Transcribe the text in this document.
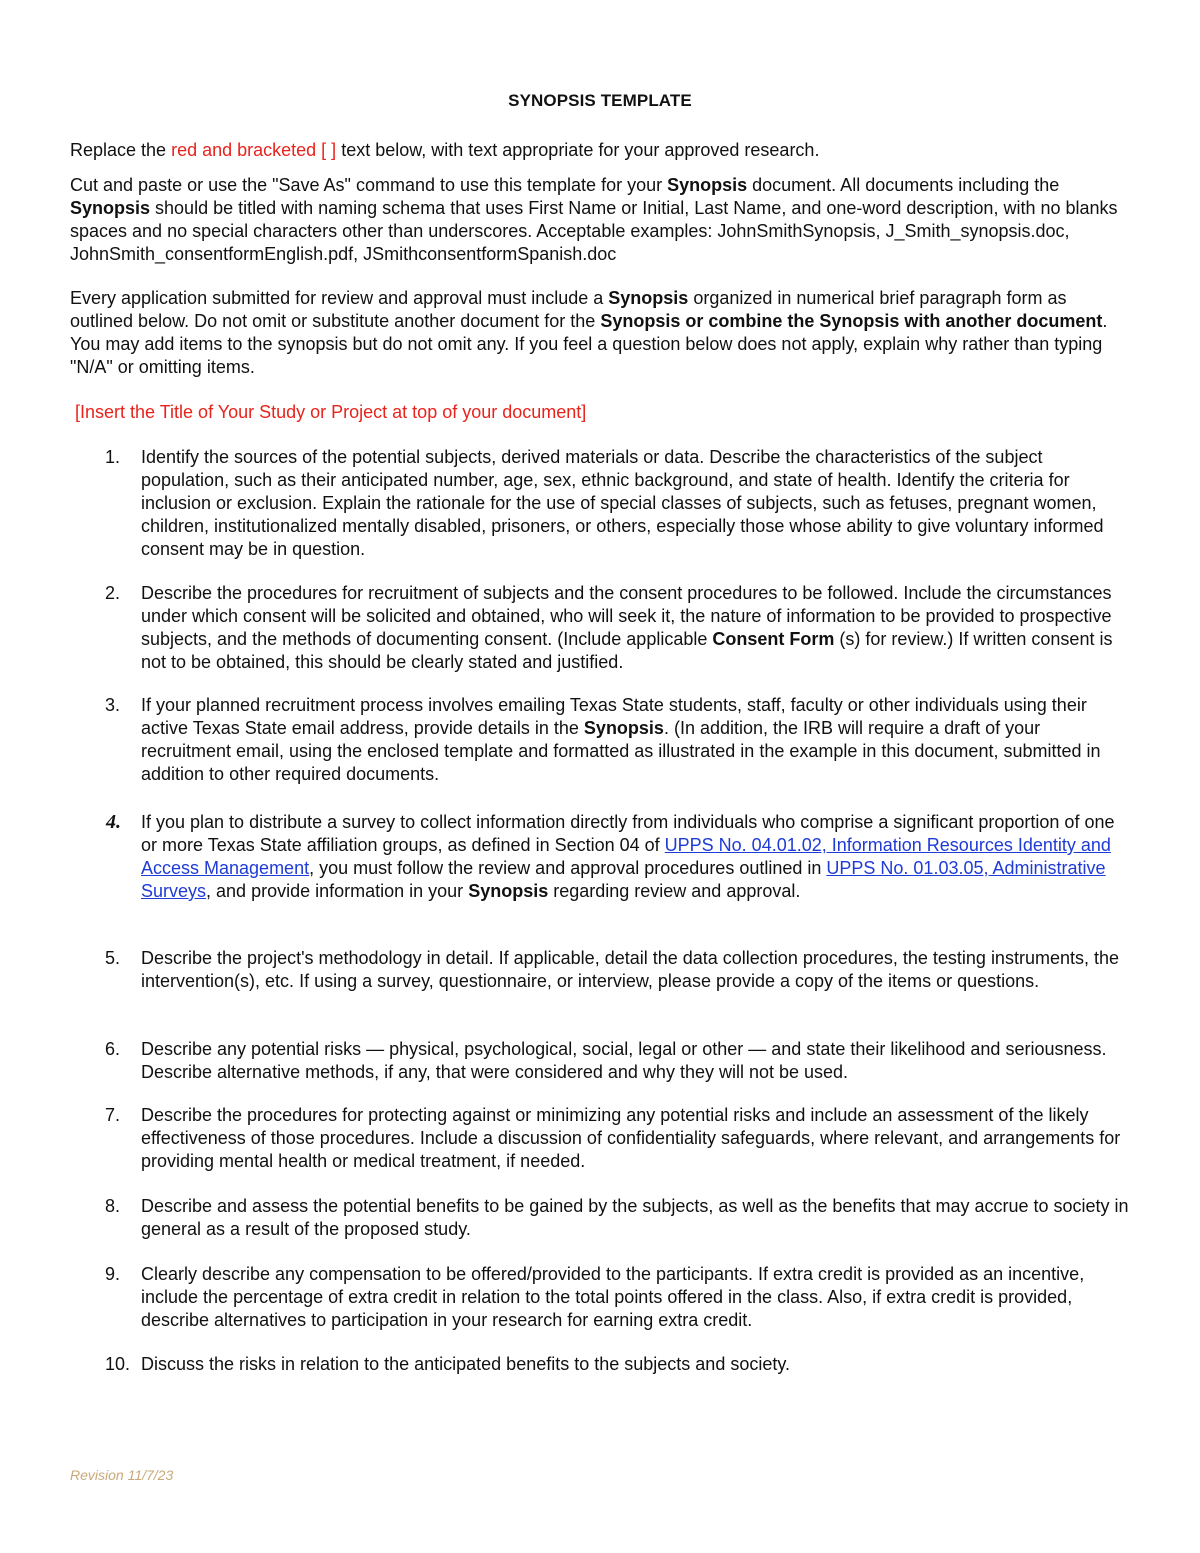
SYNOPSIS TEMPLATE
Replace the red and bracketed [ ] text below, with text appropriate for your approved research.
Cut and paste or use the "Save As" command to use this template for your Synopsis document. All documents including the Synopsis should be titled with naming schema that uses First Name or Initial, Last Name, and one-word description, with no blanks spaces and no special characters other than underscores. Acceptable examples: JohnSmithSynopsis, J_Smith_synopsis.doc, JohnSmith_consentformEnglish.pdf, JSmithconsentformSpanish.doc
Every application submitted for review and approval must include a Synopsis organized in numerical brief paragraph form as outlined below. Do not omit or substitute another document for the Synopsis or combine the Synopsis with another document. You may add items to the synopsis but do not omit any. If you feel a question below does not apply, explain why rather than typing "N/A" or omitting items.
[Insert the Title of Your Study or Project at top of your document]
1. Identify the sources of the potential subjects, derived materials or data. Describe the characteristics of the subject population, such as their anticipated number, age, sex, ethnic background, and state of health. Identify the criteria for inclusion or exclusion. Explain the rationale for the use of special classes of subjects, such as fetuses, pregnant women, children, institutionalized mentally disabled, prisoners, or others, especially those whose ability to give voluntary informed consent may be in question.
2. Describe the procedures for recruitment of subjects and the consent procedures to be followed. Include the circumstances under which consent will be solicited and obtained, who will seek it, the nature of information to be provided to prospective subjects, and the methods of documenting consent. (Include applicable Consent Form (s) for review.) If written consent is not to be obtained, this should be clearly stated and justified.
3. If your planned recruitment process involves emailing Texas State students, staff, faculty or other individuals using their active Texas State email address, provide details in the Synopsis. (In addition, the IRB will require a draft of your recruitment email, using the enclosed template and formatted as illustrated in the example in this document, submitted in addition to other required documents.
4. If you plan to distribute a survey to collect information directly from individuals who comprise a significant proportion of one or more Texas State affiliation groups, as defined in Section 04 of UPPS No. 04.01.02, Information Resources Identity and Access Management, you must follow the review and approval procedures outlined in UPPS No. 01.03.05, Administrative Surveys, and provide information in your Synopsis regarding review and approval.
5. Describe the project's methodology in detail. If applicable, detail the data collection procedures, the testing instruments, the intervention(s), etc. If using a survey, questionnaire, or interview, please provide a copy of the items or questions.
6. Describe any potential risks — physical, psychological, social, legal or other — and state their likelihood and seriousness. Describe alternative methods, if any, that were considered and why they will not be used.
7. Describe the procedures for protecting against or minimizing any potential risks and include an assessment of the likely effectiveness of those procedures. Include a discussion of confidentiality safeguards, where relevant, and arrangements for providing mental health or medical treatment, if needed.
8. Describe and assess the potential benefits to be gained by the subjects, as well as the benefits that may accrue to society in general as a result of the proposed study.
9. Clearly describe any compensation to be offered/provided to the participants. If extra credit is provided as an incentive, include the percentage of extra credit in relation to the total points offered in the class. Also, if extra credit is provided, describe alternatives to participation in your research for earning extra credit.
10. Discuss the risks in relation to the anticipated benefits to the subjects and society.
Revision 11/7/23
